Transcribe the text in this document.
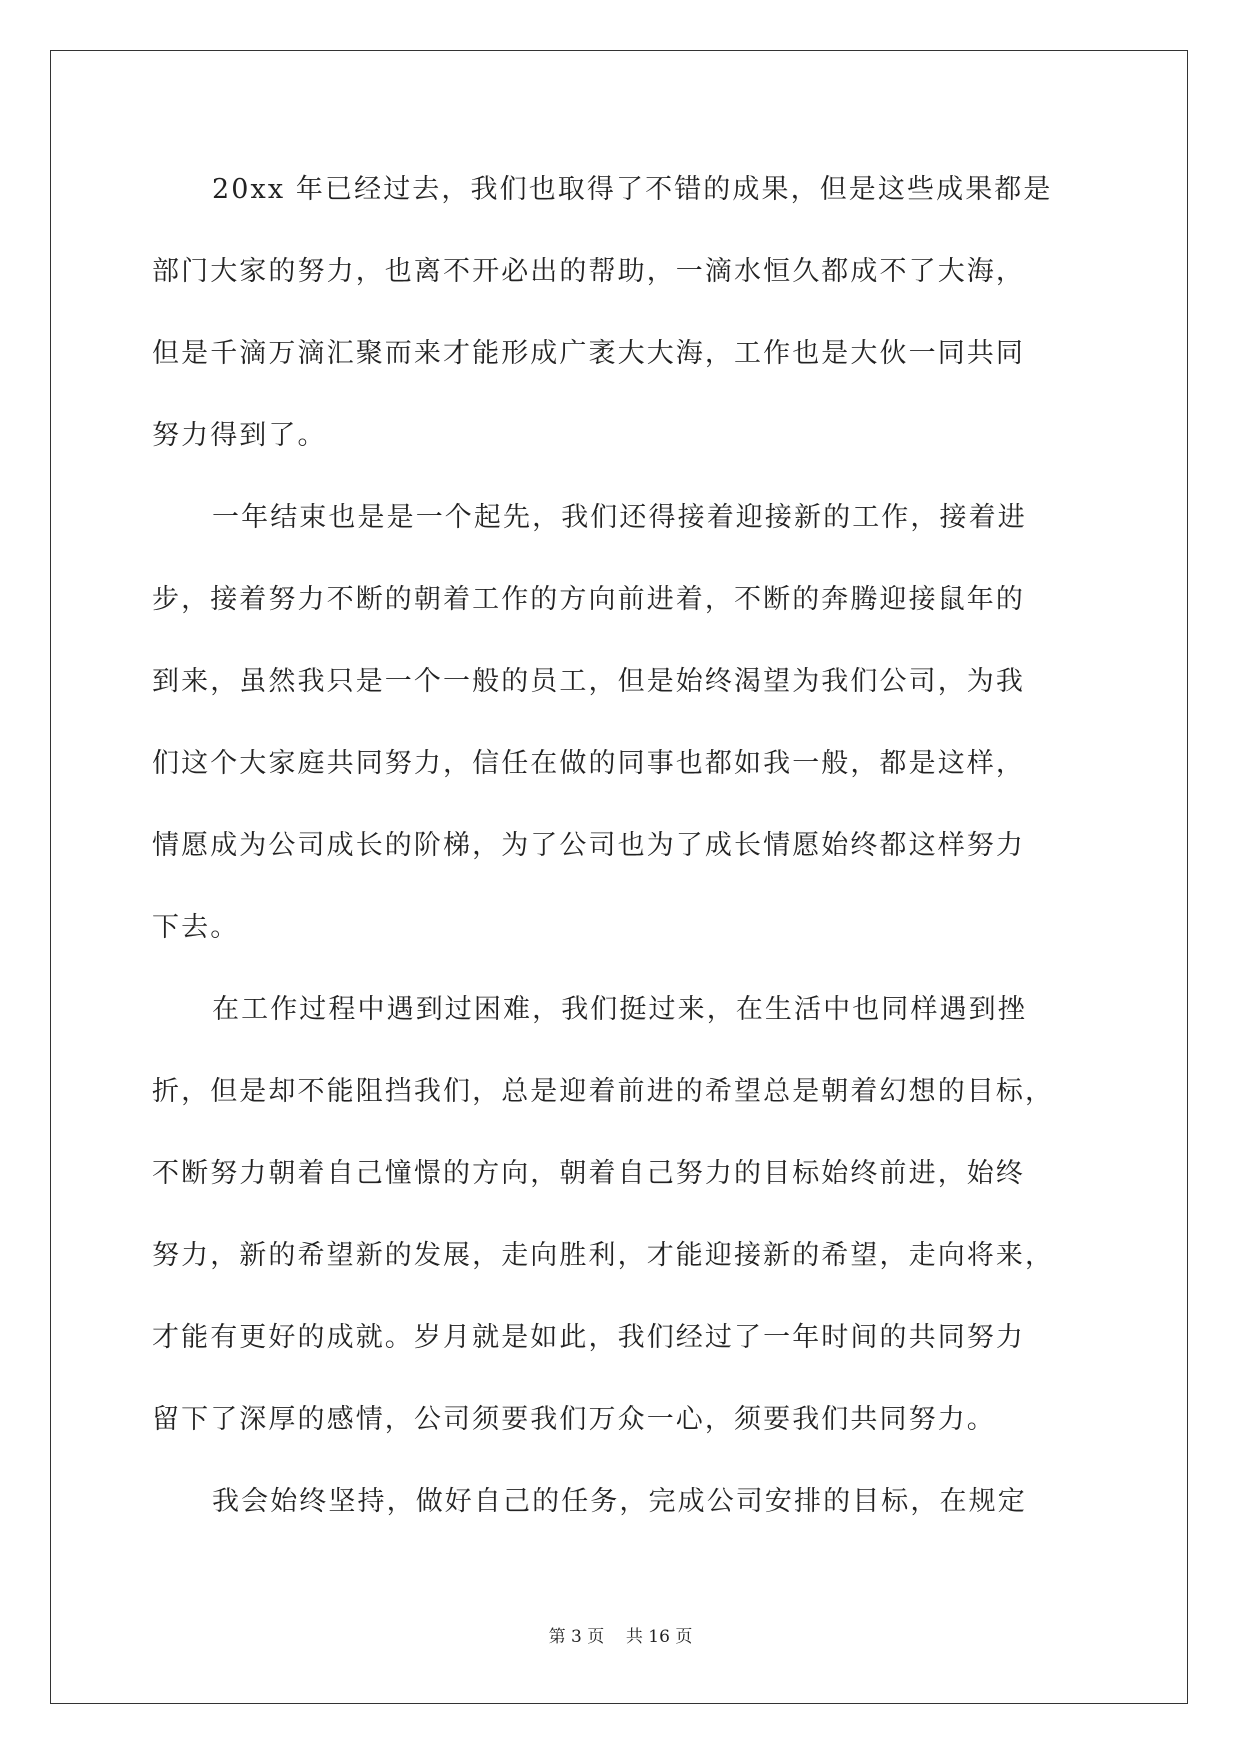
20xx 年已经过去，我们也取得了不错的成果，但是这些成果都是
部门大家的努力，也离不开必出的帮助，一滴水恒久都成不了大海，
但是千滴万滴汇聚而来才能形成广袤大大海，工作也是大伙一同共同
努力得到了。
一年结束也是是一个起先，我们还得接着迎接新的工作，接着进
步，接着努力不断的朝着工作的方向前进着，不断的奔腾迎接鼠年的
到来，虽然我只是一个一般的员工，但是始终渴望为我们公司，为我
们这个大家庭共同努力，信任在做的同事也都如我一般，都是这样，
情愿成为公司成长的阶梯，为了公司也为了成长情愿始终都这样努力
下去。
在工作过程中遇到过困难，我们挺过来，在生活中也同样遇到挫
折，但是却不能阻挡我们，总是迎着前进的希望总是朝着幻想的目标，
不断努力朝着自己憧憬的方向，朝着自己努力的目标始终前进，始终
努力，新的希望新的发展，走向胜利，才能迎接新的希望，走向将来，
才能有更好的成就。岁月就是如此，我们经过了一年时间的共同努力
留下了深厚的感情，公司须要我们万众一心，须要我们共同努力。
我会始终坚持，做好自己的任务，完成公司安排的目标，在规定
第 3 页    共 16 页
